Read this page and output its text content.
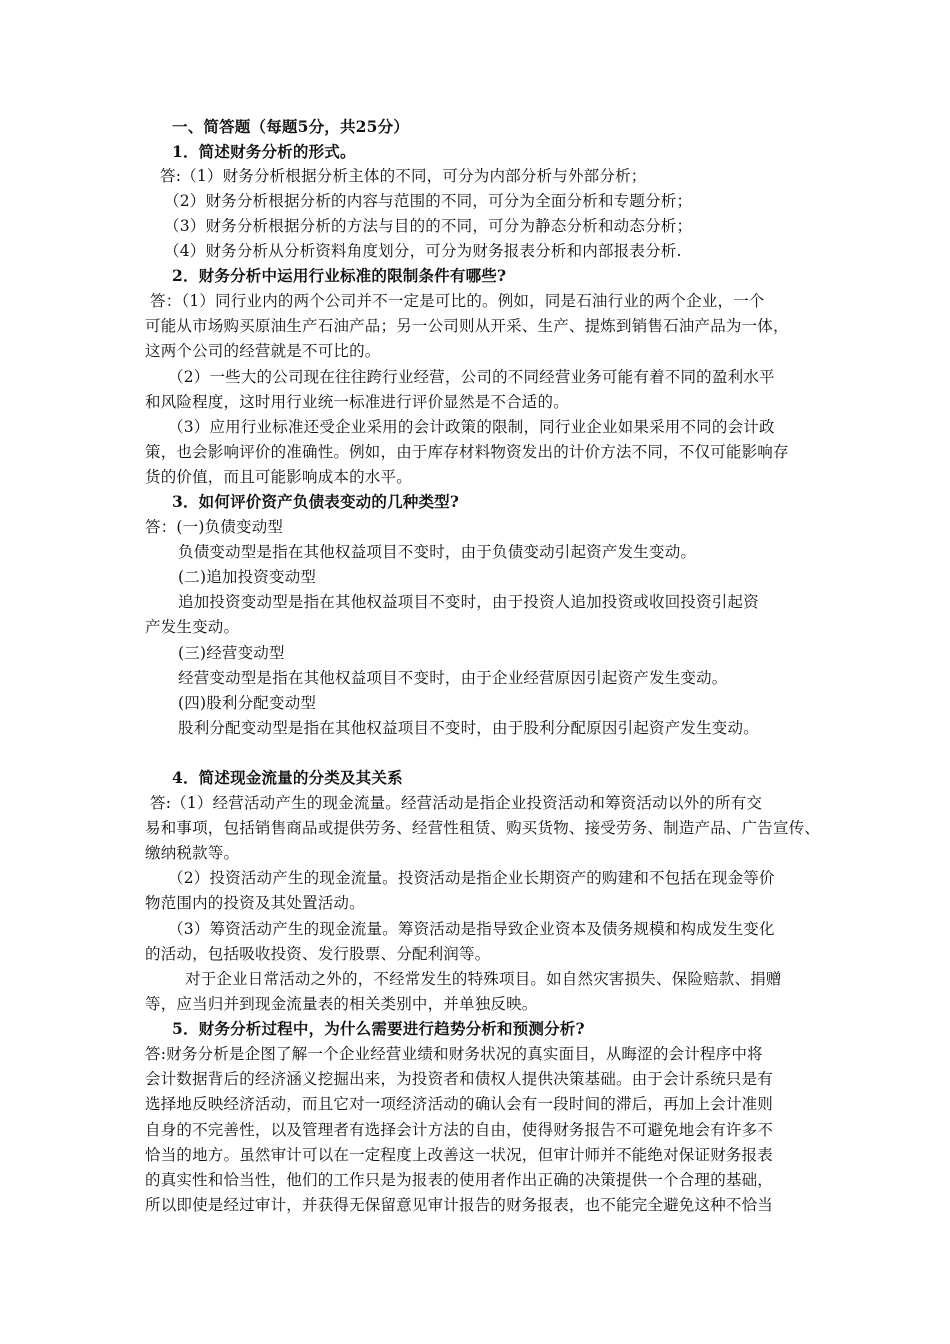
一、简答题（每题5分，共25分）
1．简述财务分析的形式。
答:（1）财务分析根据分析主体的不同，可分为内部分析与外部分析；
（2）财务分析根据分析的内容与范围的不同，可分为全面分析和专题分析；
（3）财务分析根据分析的方法与目的的不同，可分为静态分析和动态分析；
（4）财务分析从分析资料角度划分，可分为财务报表分析和内部报表分析.
2．财务分析中运用行业标准的限制条件有哪些?
答：（1）同行业内的两个公司并不一定是可比的。例如，同是石油行业的两个企业，一个
可能从市场购买原油生产石油产品；另一公司则从开采、生产、提炼到销售石油产品为一体，
这两个公司的经营就是不可比的。
（2）一些大的公司现在往往跨行业经营，公司的不同经营业务可能有着不同的盈利水平
和风险程度，这时用行业统一标准进行评价显然是不合适的。
（3）应用行业标准还受企业采用的会计政策的限制，同行业企业如果采用不同的会计政
策，也会影响评价的准确性。例如，由于库存材料物资发出的计价方法不同，不仅可能影响存
货的价值，而且可能影响成本的水平。
3．如何评价资产负债表变动的几种类型?
答：(一)负债变动型
负债变动型是指在其他权益项目不变时，由于负债变动引起资产发生变动。
(二)追加投资变动型
追加投资变动型是指在其他权益项目不变时，由于投资人追加投资或收回投资引起资
产发生变动。
(三)经营变动型
经营变动型是指在其他权益项目不变时，由于企业经营原因引起资产发生变动。
(四)股利分配变动型
股利分配变动型是指在其他权益项目不变时，由于股利分配原因引起资产发生变动。
4．简述现金流量的分类及其关系
答:（1）经营活动产生的现金流量。经营活动是指企业投资活动和筹资活动以外的所有交
易和事项，包括销售商品或提供劳务、经营性租赁、购买货物、接受劳务、制造产品、广告宣传、
缴纳税款等。
（2）投资活动产生的现金流量。投资活动是指企业长期资产的购建和不包括在现金等价
物范围内的投资及其处置活动。
（3）筹资活动产生的现金流量。筹资活动是指导致企业资本及债务规模和构成发生变化
的活动，包括吸收投资、发行股票、分配利润等。
对于企业日常活动之外的，不经常发生的特殊项目。如自然灾害损失、保险赔款、捐赠
等，应当归并到现金流量表的相关类别中，并单独反映。
5．财务分析过程中，为什么需要进行趋势分析和预测分析?
答:财务分析是企图了解一个企业经营业绩和财务状况的真实面目，从晦涩的会计程序中将
会计数据背后的经济涵义挖掘出来，为投资者和债权人提供决策基础。由于会计系统只是有
选择地反映经济活动，而且它对一项经济活动的确认会有一段时间的滞后，再加上会计准则
自身的不完善性，以及管理者有选择会计方法的自由，使得财务报告不可避免地会有许多不
恰当的地方。虽然审计可以在一定程度上改善这一状况，但审计师并不能绝对保证财务报表
的真实性和恰当性，他们的工作只是为报表的使用者作出正确的决策提供一个合理的基础，
所以即使是经过审计，并获得无保留意见审计报告的财务报表，也不能完全避免这种不恰当
